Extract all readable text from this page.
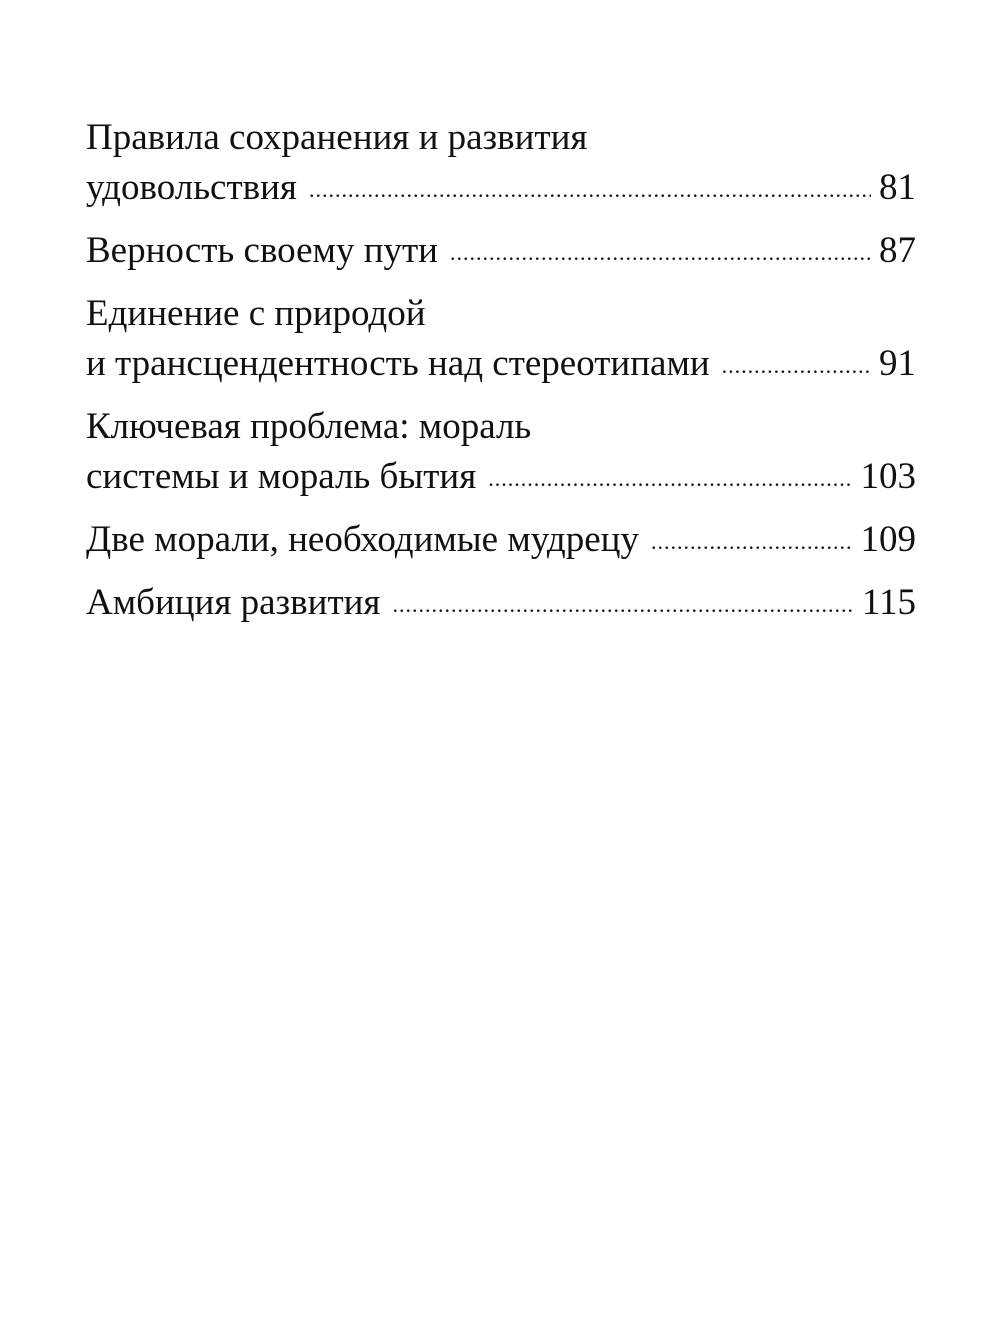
Правила сохранения и развития
удовольствия .....	81
Верность своему пути .....	87
Единение с природой
и трансцендентность над стереотипами .....	91
Ключевая проблема: мораль
системы и мораль бытия .....	103
Две морали, необходимые мудрецу .....	109
Амбиция развития .....	115
